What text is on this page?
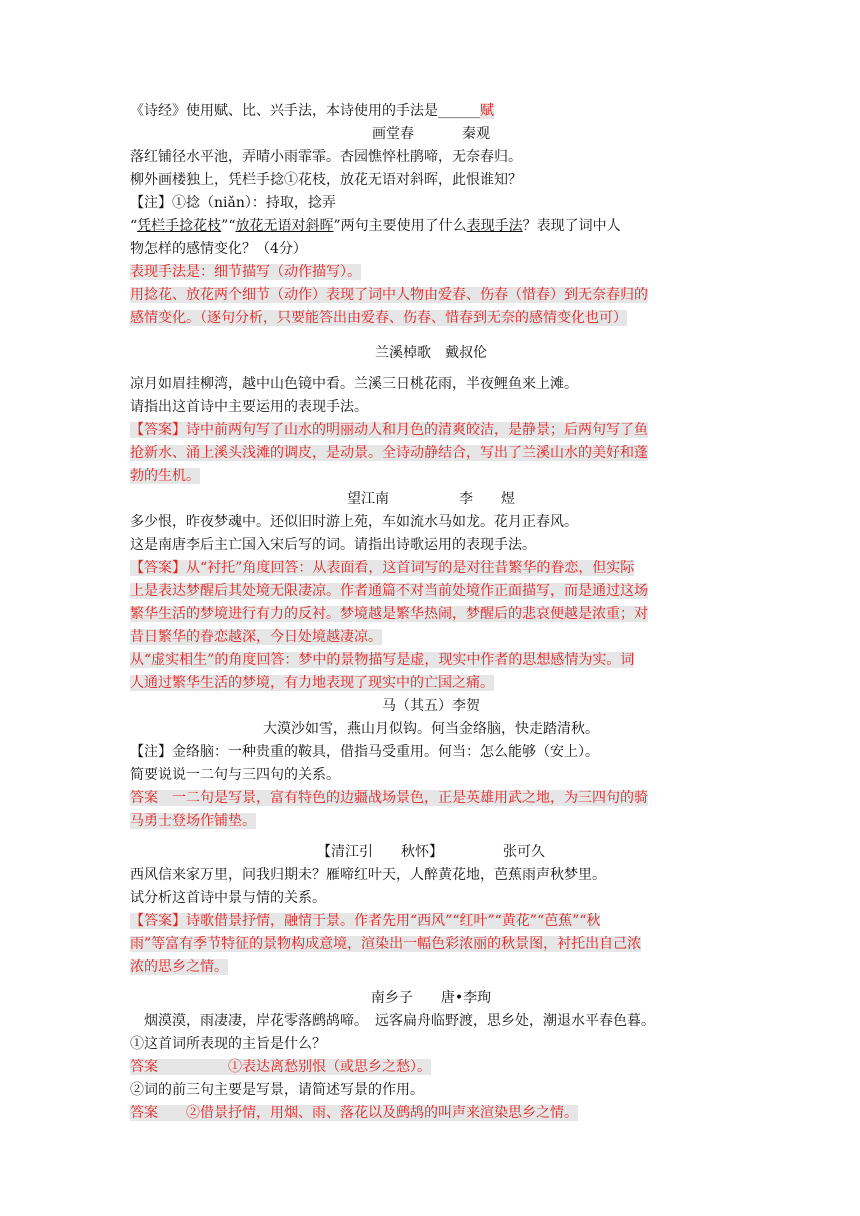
《诗经》使用赋、比、兴手法，本诗使用的手法是______赋
画堂春	秦观
落红铺径水平池，弄晴小雨霏霏。杏园憔悴杜鹃啼，无奈春归。
柳外画楼独上，凭栏手捻①花枝，放花无语对斜晖，此恨谁知？
【注】①捻（niǎn）：持取，捻弄
“凭栏手捻花枝”“放花无语对斜晖”两句主要使用了什么表现手法？表现了词中人
物怎样的感情变化？（4分）
表现手法是：细节描写（动作描写）。
用捻花、放花两个细节（动作）表现了词中人物由爱春、伤春（惜春）到无奈春归的
感情变化。（逐句分析，只要能答出由爱春、伤春、惜春到无奈的感情变化也可）
兰溪棹歌 戴叔伦
凉月如眉挂柳湾，越中山色镜中看。兰溪三日桃花雨，半夜鲤鱼来上滩。
请指出这首诗中主要运用的表现手法。
【答案】诗中前两句写了山水的明丽动人和月色的清爽皎洁，是静景；后两句写了鱼
抢新水、涌上溪头浅滩的调皮，是动景。全诗动静结合，写出了兰溪山水的美好和蓬
勃的生机。
望江南	李　　煜
多少恨，昨夜梦魂中。还似旧时游上苑，车如流水马如龙。花月正春风。
这是南唐李后主亡国入宋后写的词。请指出诗歌运用的表现手法。
【答案】从“衬托”角度回答：从表面看，这首词写的是对往昔繁华的眷恋，但实际
上是表达梦醒后其处境无限凄凉。作者通篇不对当前处境作正面描写，而是通过这场
繁华生活的梦境进行有力的反衬。梦境越是繁华热闹，梦醒后的悲哀便越是浓重；对
昔日繁华的眷恋越深，今日处境越凄凉。
从“虚实相生”的角度回答：梦中的景物描写是虚，现实中作者的思想感情为实。词
人通过繁华生活的梦境，有力地表现了现实中的亡国之痛。
马（其五）李贺
大漠沙如雪，燕山月似钩。何当金络脑，快走踏清秋。
【注】金络脑：一种贵重的鞍具，借指马受重用。何当：怎么能够（安上）。
简要说说一二句与三四句的关系。
答案　一二句是写景，富有特色的边疆战场景色，正是英雄用武之地，为三四句的骑
马勇士登场作铺垫。
【清江引　　秋怀】	张可久
西风信来家万里，问我归期未？雁啼红叶天，人醉黄花地，芭蕉雨声秋梦里。
试分析这首诗中景与情的关系。
【答案】诗歌借景抒情，融情于景。作者先用“西风”“红叶”“黄花”“芭蕉”“秋
雨”等富有季节特征的景物构成意境，渲染出一幅色彩浓丽的秋景图，衬托出自己浓
浓的思乡之情。
南乡子 唐•李珣
　烟漠漠，雨凄凄，岸花零落鹧鸪啼。　远客扁舟临野渡，思乡处，潮退水平春色暮。
①这首词所表现的主旨是什么？
答案　　　　　①表达离愁别恨（或思乡之愁）。
②词的前三句主要是写景，请简述写景的作用。
答案　　②借景抒情，用烟、雨、落花以及鹧鸪的叫声来渲染思乡之情。
